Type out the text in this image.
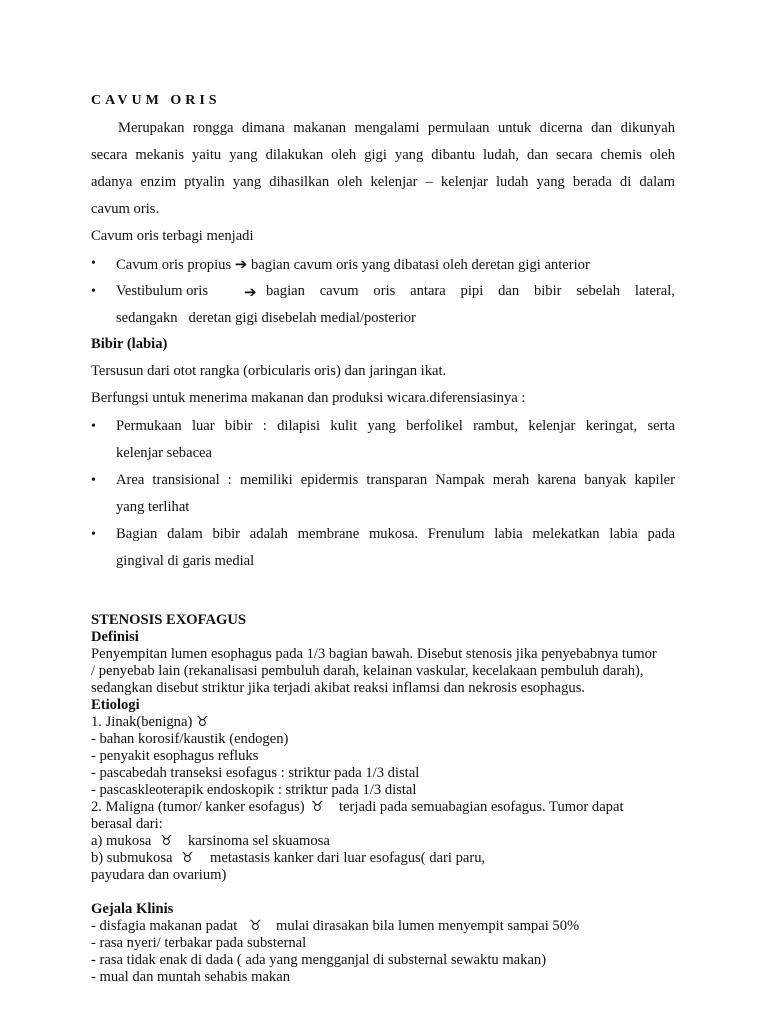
CAVUM ORIS
Merupakan rongga dimana makanan mengalami permulaan untuk dicerna dan dikunyah
secara mekanis yaitu yang dilakukan oleh gigi yang dibantu ludah, dan secara chemis oleh
adanya enzim ptyalin yang dihasilkan oleh kelenjar – kelenjar ludah yang berada di dalam
cavum oris.
Cavum oris terbagi menjadi
• Cavum oris propius ➔ bagian cavum oris yang dibatasi oleh deretan gigi anterior
• Vestibulum oris ➔ bagian cavum oris antara pipi dan bibir sebelah lateral,
sedangakn   deretan gigi disebelah medial/posterior
Bibir (labia)
Tersusun dari otot rangka (orbicularis oris) dan jaringan ikat.
Berfungsi untuk menerima makanan dan produksi wicara.diferensiasinya :
• Permukaan luar bibir : dilapisi kulit yang berfolikel rambut, kelenjar keringat, serta
kelenjar sebacea
• Area transisional : memiliki epidermis transparan Nampak merah karena banyak kapiler
yang terlihat
• Bagian dalam bibir adalah membrane mukosa. Frenulum labia melekatkan labia pada
gingival di garis medial
STENOSIS EXOFAGUS
Definisi
Penyempitan lumen esophagus pada 1/3 bagian bawah. Disebut stenosis jika penyebabnya tumor
/ penyebab lain (rekanalisasi pembuluh darah, kelainan vaskular, kecelakaan pembuluh darah),
sedangkan disebut striktur jika terjadi akibat reaksi inflamsi dan nekrosis esophagus.
Etiologi
1. Jinak(benigna) ♉
- bahan korosif/kaustik (endogen)
- penyakit esophagus refluks
- pascabedah transeksi esofagus : striktur pada 1/3 distal
- pascaskleoterapik endoskopik : striktur pada 1/3 distal
2. Maligna (tumor/ kanker esofagus) ♉ terjadi pada semuabagian esofagus. Tumor dapat
berasal dari:
a) mukosa ♉ karsinoma sel skuamosa
b) submukosa ♉ metastasis kanker dari luar esofagus( dari paru,
payudara dan ovarium)
Gejala Klinis
- disfagia makanan padat ♉ mulai dirasakan bila lumen menyempit sampai 50%
- rasa nyeri/ terbakar pada substernal
- rasa tidak enak di dada ( ada yang mengganjal di substernal sewaktu makan)
- mual dan muntah sehabis makan
